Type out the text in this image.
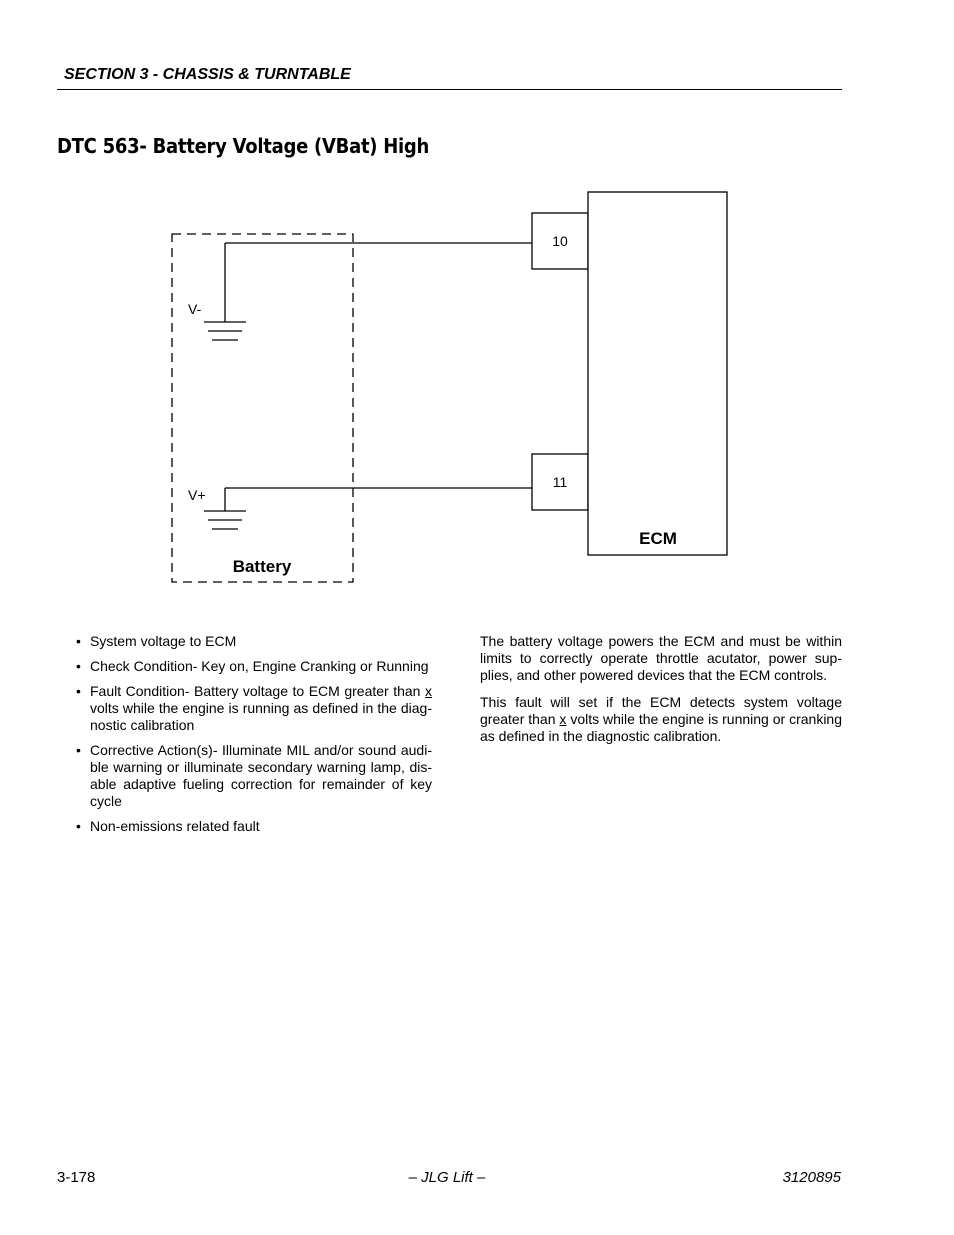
SECTION 3 - CHASSIS & TURNTABLE
DTC 563- Battery Voltage (VBat) High
V-
V+
Battery
10
11
ECM
• System voltage to ECM
• Check Condition- Key on, Engine Cranking or Running
• Fault Condition- Battery voltage to ECM greater than x volts while the engine is running as defined in the diag-nostic calibration
• Corrective Action(s)- Illuminate MIL and/or sound audi-ble warning or illuminate secondary warning lamp, dis-able adaptive fueling correction for remainder of key cycle
• Non-emissions related fault

The battery voltage powers the ECM and must be within limits to correctly operate throttle acutator, power sup-plies, and other powered devices that the ECM controls.

This fault will set if the ECM detects system voltage greater than x volts while the engine is running or cranking as defined in the diagnostic calibration.

3-178	– JLG Lift –	3120895
